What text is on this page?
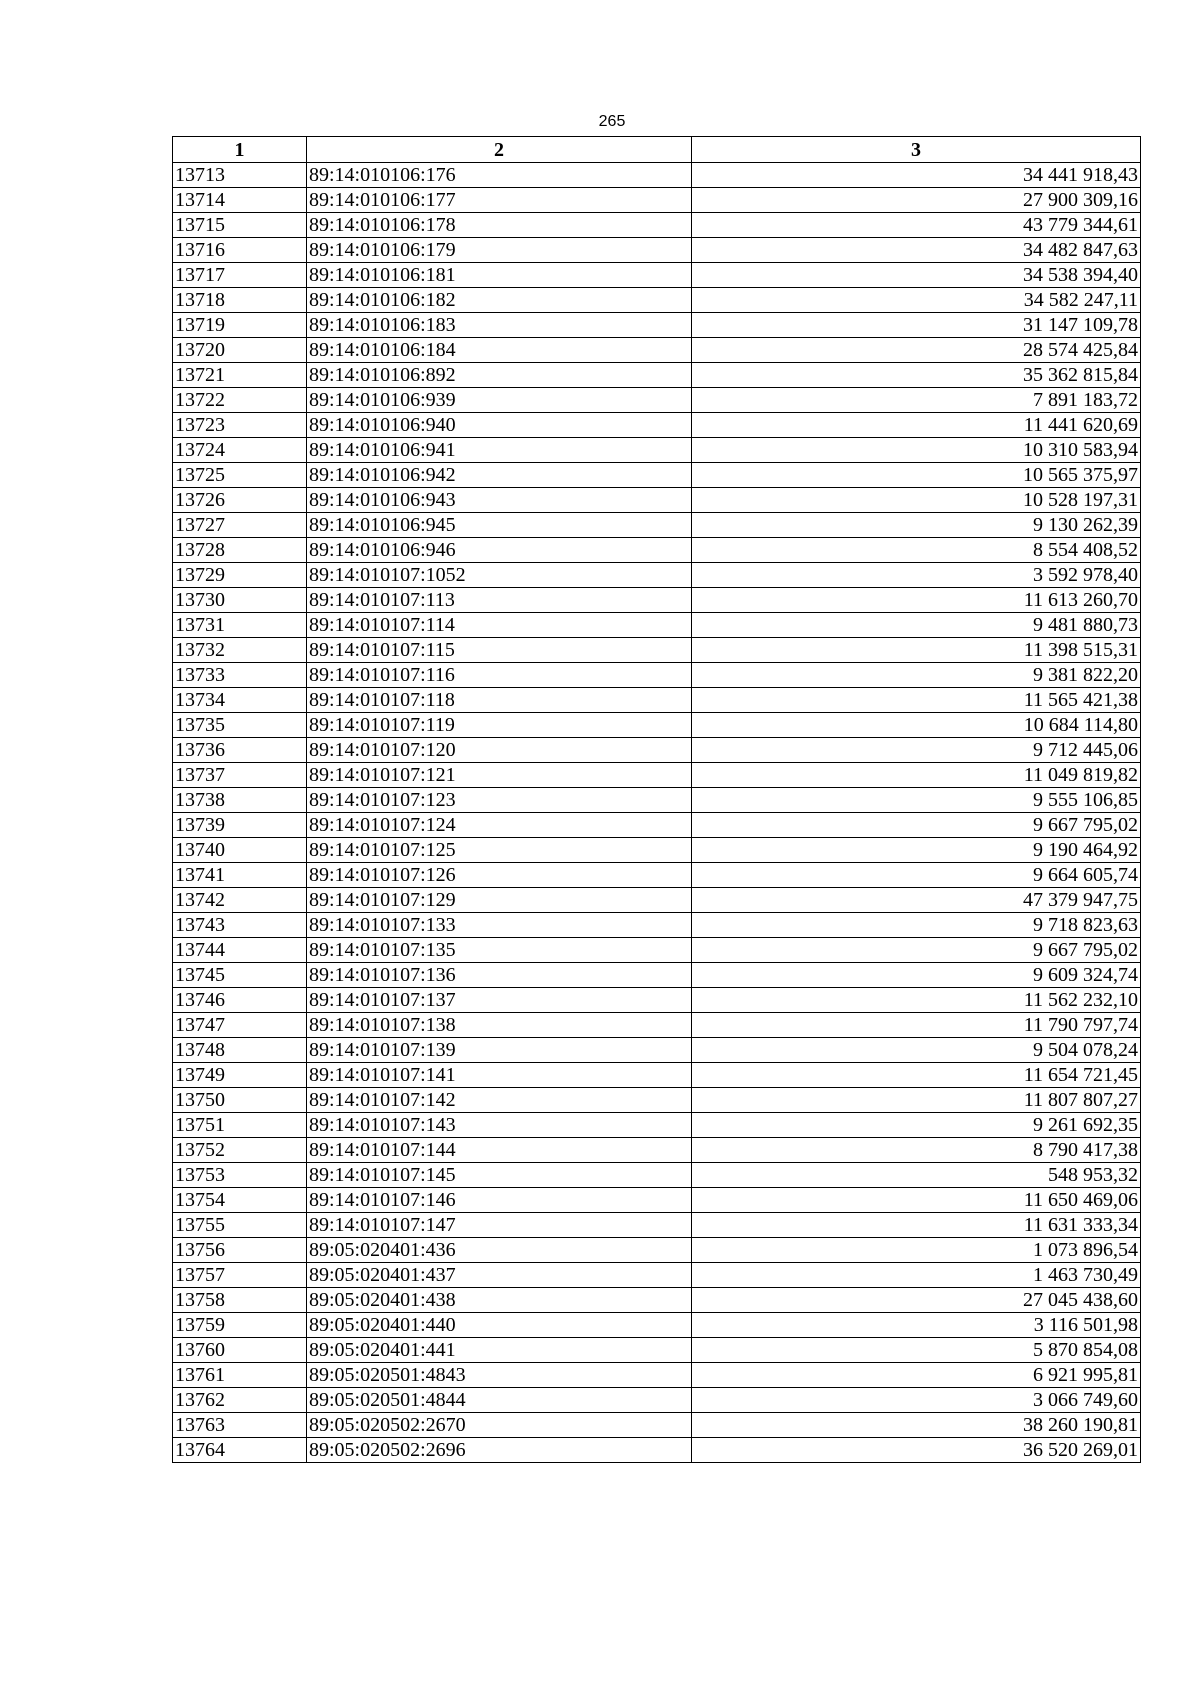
265
1	2	3
13713	89:14:010106:176	34 441 918,43
13714	89:14:010106:177	27 900 309,16
13715	89:14:010106:178	43 779 344,61
13716	89:14:010106:179	34 482 847,63
13717	89:14:010106:181	34 538 394,40
13718	89:14:010106:182	34 582 247,11
13719	89:14:010106:183	31 147 109,78
13720	89:14:010106:184	28 574 425,84
13721	89:14:010106:892	35 362 815,84
13722	89:14:010106:939	7 891 183,72
13723	89:14:010106:940	11 441 620,69
13724	89:14:010106:941	10 310 583,94
13725	89:14:010106:942	10 565 375,97
13726	89:14:010106:943	10 528 197,31
13727	89:14:010106:945	9 130 262,39
13728	89:14:010106:946	8 554 408,52
13729	89:14:010107:1052	3 592 978,40
13730	89:14:010107:113	11 613 260,70
13731	89:14:010107:114	9 481 880,73
13732	89:14:010107:115	11 398 515,31
13733	89:14:010107:116	9 381 822,20
13734	89:14:010107:118	11 565 421,38
13735	89:14:010107:119	10 684 114,80
13736	89:14:010107:120	9 712 445,06
13737	89:14:010107:121	11 049 819,82
13738	89:14:010107:123	9 555 106,85
13739	89:14:010107:124	9 667 795,02
13740	89:14:010107:125	9 190 464,92
13741	89:14:010107:126	9 664 605,74
13742	89:14:010107:129	47 379 947,75
13743	89:14:010107:133	9 718 823,63
13744	89:14:010107:135	9 667 795,02
13745	89:14:010107:136	9 609 324,74
13746	89:14:010107:137	11 562 232,10
13747	89:14:010107:138	11 790 797,74
13748	89:14:010107:139	9 504 078,24
13749	89:14:010107:141	11 654 721,45
13750	89:14:010107:142	11 807 807,27
13751	89:14:010107:143	9 261 692,35
13752	89:14:010107:144	8 790 417,38
13753	89:14:010107:145	548 953,32
13754	89:14:010107:146	11 650 469,06
13755	89:14:010107:147	11 631 333,34
13756	89:05:020401:436	1 073 896,54
13757	89:05:020401:437	1 463 730,49
13758	89:05:020401:438	27 045 438,60
13759	89:05:020401:440	3 116 501,98
13760	89:05:020401:441	5 870 854,08
13761	89:05:020501:4843	6 921 995,81
13762	89:05:020501:4844	3 066 749,60
13763	89:05:020502:2670	38 260 190,81
13764	89:05:020502:2696	36 520 269,01
